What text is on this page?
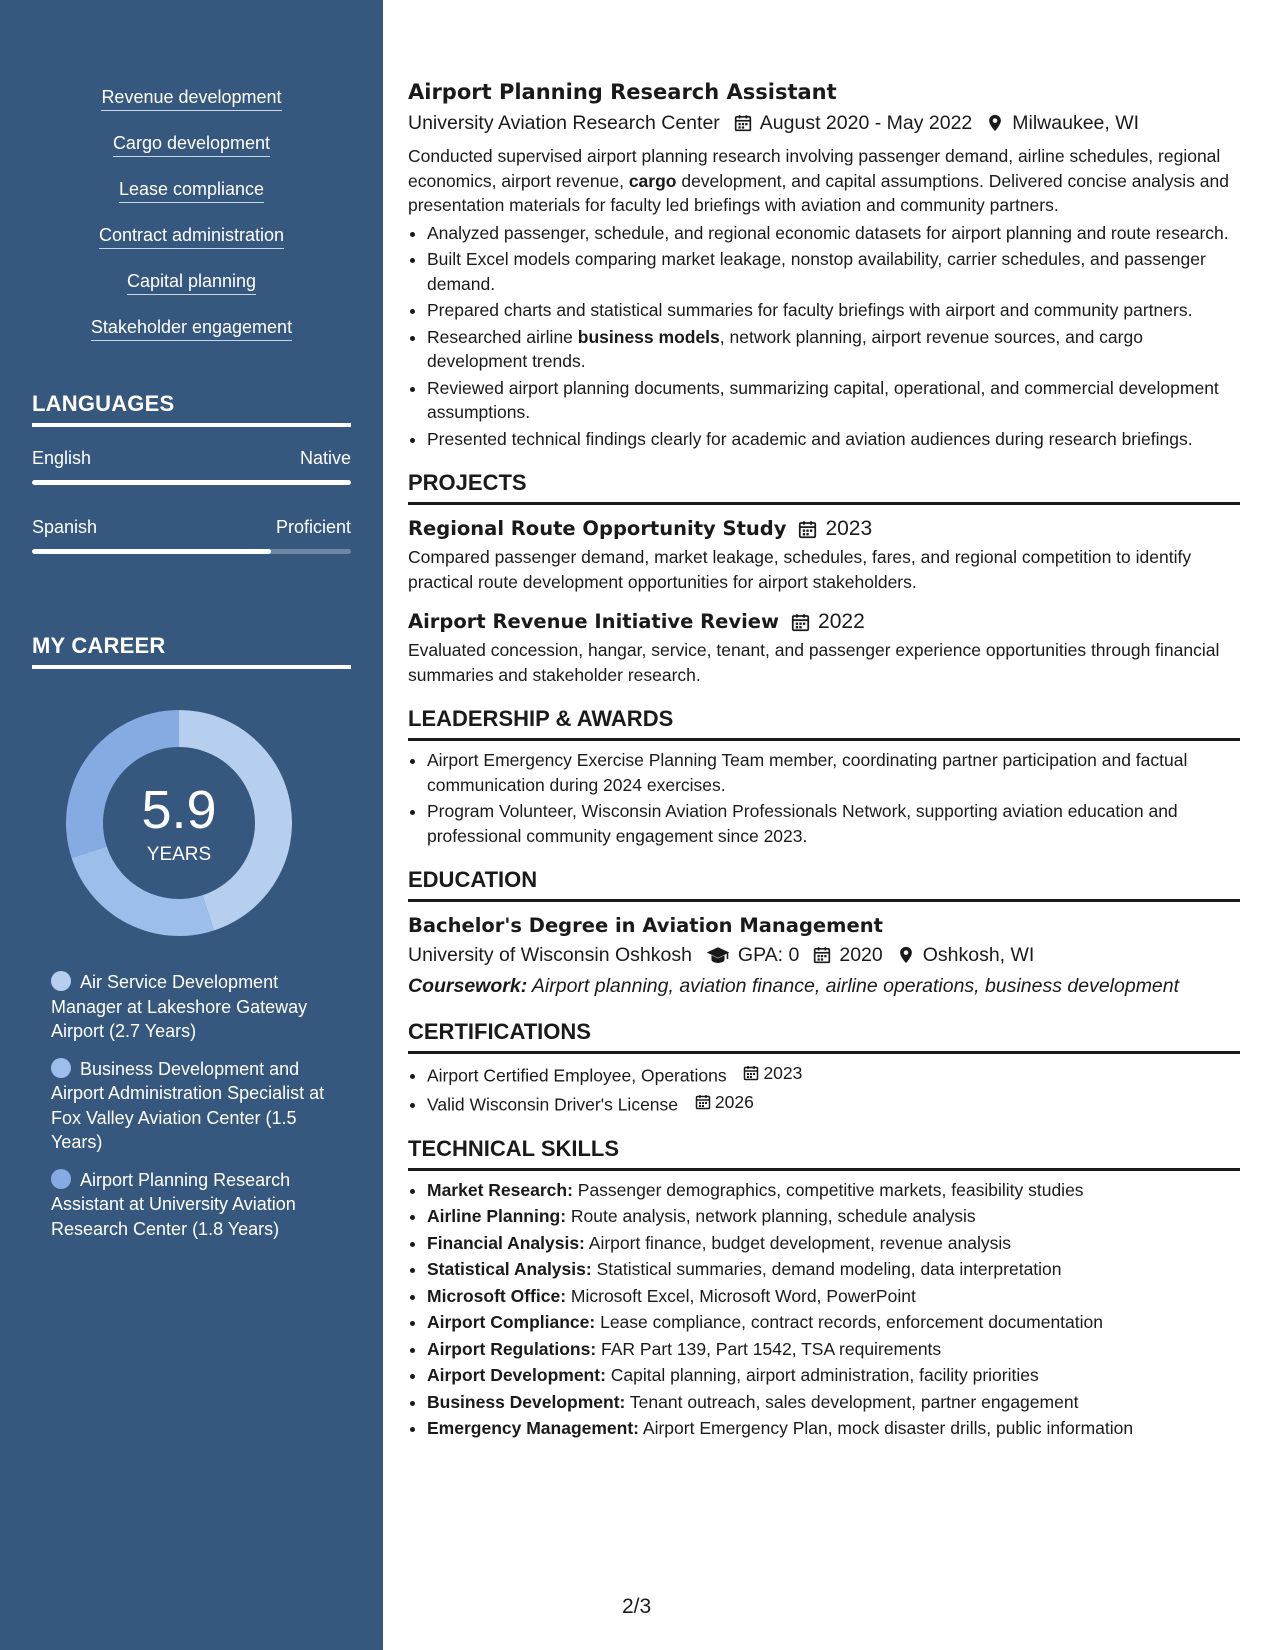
Revenue development
Cargo development
Lease compliance
Contract administration
Capital planning
Stakeholder engagement
LANGUAGES
English	Native
Spanish	Proficient
MY CAREER
5.9
YEARS
Air Service Development Manager at Lakeshore Gateway Airport (2.7 Years)
Business Development and Airport Administration Specialist at Fox Valley Aviation Center (1.5 Years)
Airport Planning Research Assistant at University Aviation Research Center (1.8 Years)
Airport Planning Research Assistant
University Aviation Research Center August 2020 - May 2022 Milwaukee, WI
Conducted supervised airport planning research involving passenger demand, airline schedules, regional economics, airport revenue, cargo development, and capital assumptions. Delivered concise analysis and presentation materials for faculty led briefings with aviation and community partners.
• Analyzed passenger, schedule, and regional economic datasets for airport planning and route research.
• Built Excel models comparing market leakage, nonstop availability, carrier schedules, and passenger demand.
• Prepared charts and statistical summaries for faculty briefings with airport and community partners.
• Researched airline business models, network planning, airport revenue sources, and cargo development trends.
• Reviewed airport planning documents, summarizing capital, operational, and commercial development assumptions.
• Presented technical findings clearly for academic and aviation audiences during research briefings.
PROJECTS
Regional Route Opportunity Study 2023
Compared passenger demand, market leakage, schedules, fares, and regional competition to identify practical route development opportunities for airport stakeholders.
Airport Revenue Initiative Review 2022
Evaluated concession, hangar, service, tenant, and passenger experience opportunities through financial summaries and stakeholder research.
LEADERSHIP & AWARDS
• Airport Emergency Exercise Planning Team member, coordinating partner participation and factual communication during 2024 exercises.
• Program Volunteer, Wisconsin Aviation Professionals Network, supporting aviation education and professional community engagement since 2023.
EDUCATION
Bachelor's Degree in Aviation Management
University of Wisconsin Oshkosh GPA: 0 2020 Oshkosh, WI
Coursework: Airport planning, aviation finance, airline operations, business development
CERTIFICATIONS
• Airport Certified Employee, Operations 2023
• Valid Wisconsin Driver's License 2026
TECHNICAL SKILLS
• Market Research: Passenger demographics, competitive markets, feasibility studies
• Airline Planning: Route analysis, network planning, schedule analysis
• Financial Analysis: Airport finance, budget development, revenue analysis
• Statistical Analysis: Statistical summaries, demand modeling, data interpretation
• Microsoft Office: Microsoft Excel, Microsoft Word, PowerPoint
• Airport Compliance: Lease compliance, contract records, enforcement documentation
• Airport Regulations: FAR Part 139, Part 1542, TSA requirements
• Airport Development: Capital planning, airport administration, facility priorities
• Business Development: Tenant outreach, sales development, partner engagement
• Emergency Management: Airport Emergency Plan, mock disaster drills, public information
2/3
